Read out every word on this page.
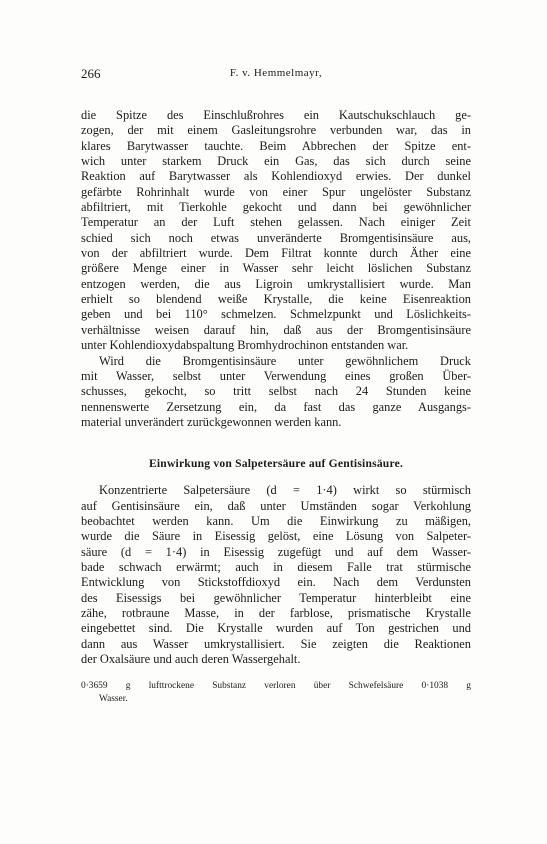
266	F. v. Hemmelmayr,

die Spitze des Einschlußrohres ein Kautschukschlauch ge-
zogen, der mit einem Gasleitungsrohre verbunden war, das in
klares Barytwasser tauchte. Beim Abbrechen der Spitze ent-
wich unter starkem Druck ein Gas, das sich durch seine
Reaktion auf Barytwasser als Kohlendioxyd erwies. Der dunkel
gefärbte Rohrinhalt wurde von einer Spur ungelöster Substanz
abfiltriert, mit Tierkohle gekocht und dann bei gewöhnlicher
Temperatur an der Luft stehen gelassen. Nach einiger Zeit
schied sich noch etwas unveränderte Bromgentisinsäure aus,
von der abfiltriert wurde. Dem Filtrat konnte durch Äther eine
größere Menge einer in Wasser sehr leicht löslichen Substanz
entzogen werden, die aus Ligroin umkrystallisiert wurde. Man
erhielt so blendend weiße Krystalle, die keine Eisenreaktion
geben und bei 110° schmelzen. Schmelzpunkt und Löslichkeits-
verhältnisse weisen darauf hin, daß aus der Bromgentisinsäure
unter Kohlendioxydabspaltung Bromhydrochinon entstanden war.

Wird die Bromgentisinsäure unter gewöhnlichem Druck
mit Wasser, selbst unter Verwendung eines großen Über-
schusses, gekocht, so tritt selbst nach 24 Stunden keine
nennenswerte Zersetzung ein, da fast das ganze Ausgangs-
material unverändert zurückgewonnen werden kann.

Einwirkung von Salpetersäure auf Gentisinsäure.

Konzentrierte Salpetersäure (d = 1·4) wirkt so stürmisch
auf Gentisinsäure ein, daß unter Umständen sogar Verkohlung
beobachtet werden kann. Um die Einwirkung zu mäßigen,
wurde die Säure in Eisessig gelöst, eine Lösung von Salpeter-
säure (d = 1·4) in Eisessig zugefügt und auf dem Wasser-
bade schwach erwärmt; auch in diesem Falle trat stürmische
Entwicklung von Stickstoffdioxyd ein. Nach dem Verdunsten
des Eisessigs bei gewöhnlicher Temperatur hinterbleibt eine
zähe, rotbraune Masse, in der farblose, prismatische Krystalle
eingebettet sind. Die Krystalle wurden auf Ton gestrichen und
dann aus Wasser umkrystallisiert. Sie zeigten die Reaktionen
der Oxalsäure und auch deren Wassergehalt.

0·3659 g lufttrockene Substanz verloren über Schwefelsäure 0·1038 g
Wasser.
